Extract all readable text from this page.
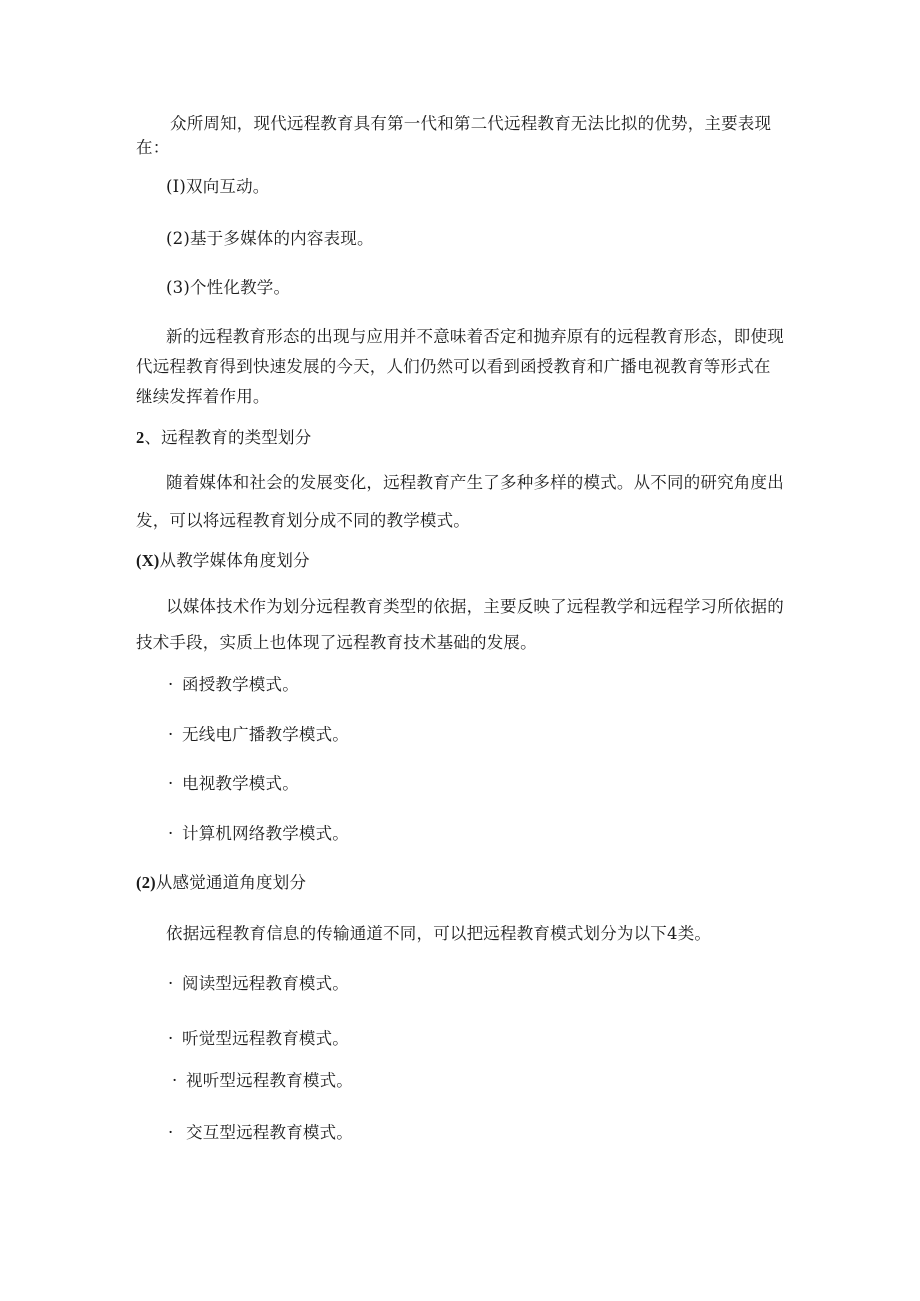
众所周知，现代远程教育具有第一代和第二代远程教育无法比拟的优势，主要表现
在：
(I)双向互动。
(2)基于多媒体的内容表现。
(3)个性化教学。
新的远程教育形态的出现与应用并不意味着否定和抛弃原有的远程教育形态，即使现
代远程教育得到快速发展的今天，人们仍然可以看到函授教育和广播电视教育等形式在
继续发挥着作用。
2、远程教育的类型划分
随着媒体和社会的发展变化，远程教育产生了多种多样的模式。从不同的研究角度出
发，可以将远程教育划分成不同的教学模式。
(X)从教学媒体角度划分
以媒体技术作为划分远程教育类型的依据，主要反映了远程教学和远程学习所依据的
技术手段，实质上也体现了远程教育技术基础的发展。
· 函授教学模式。
· 无线电广播教学模式。
· 电视教学模式。
· 计算机网络教学模式。
(2)从感觉通道角度划分
依据远程教育信息的传输通道不同，可以把远程教育模式划分为以下4类。
· 阅读型远程教育模式。
· 听觉型远程教育模式。
· 视听型远程教育模式。
· 交互型远程教育模式。
